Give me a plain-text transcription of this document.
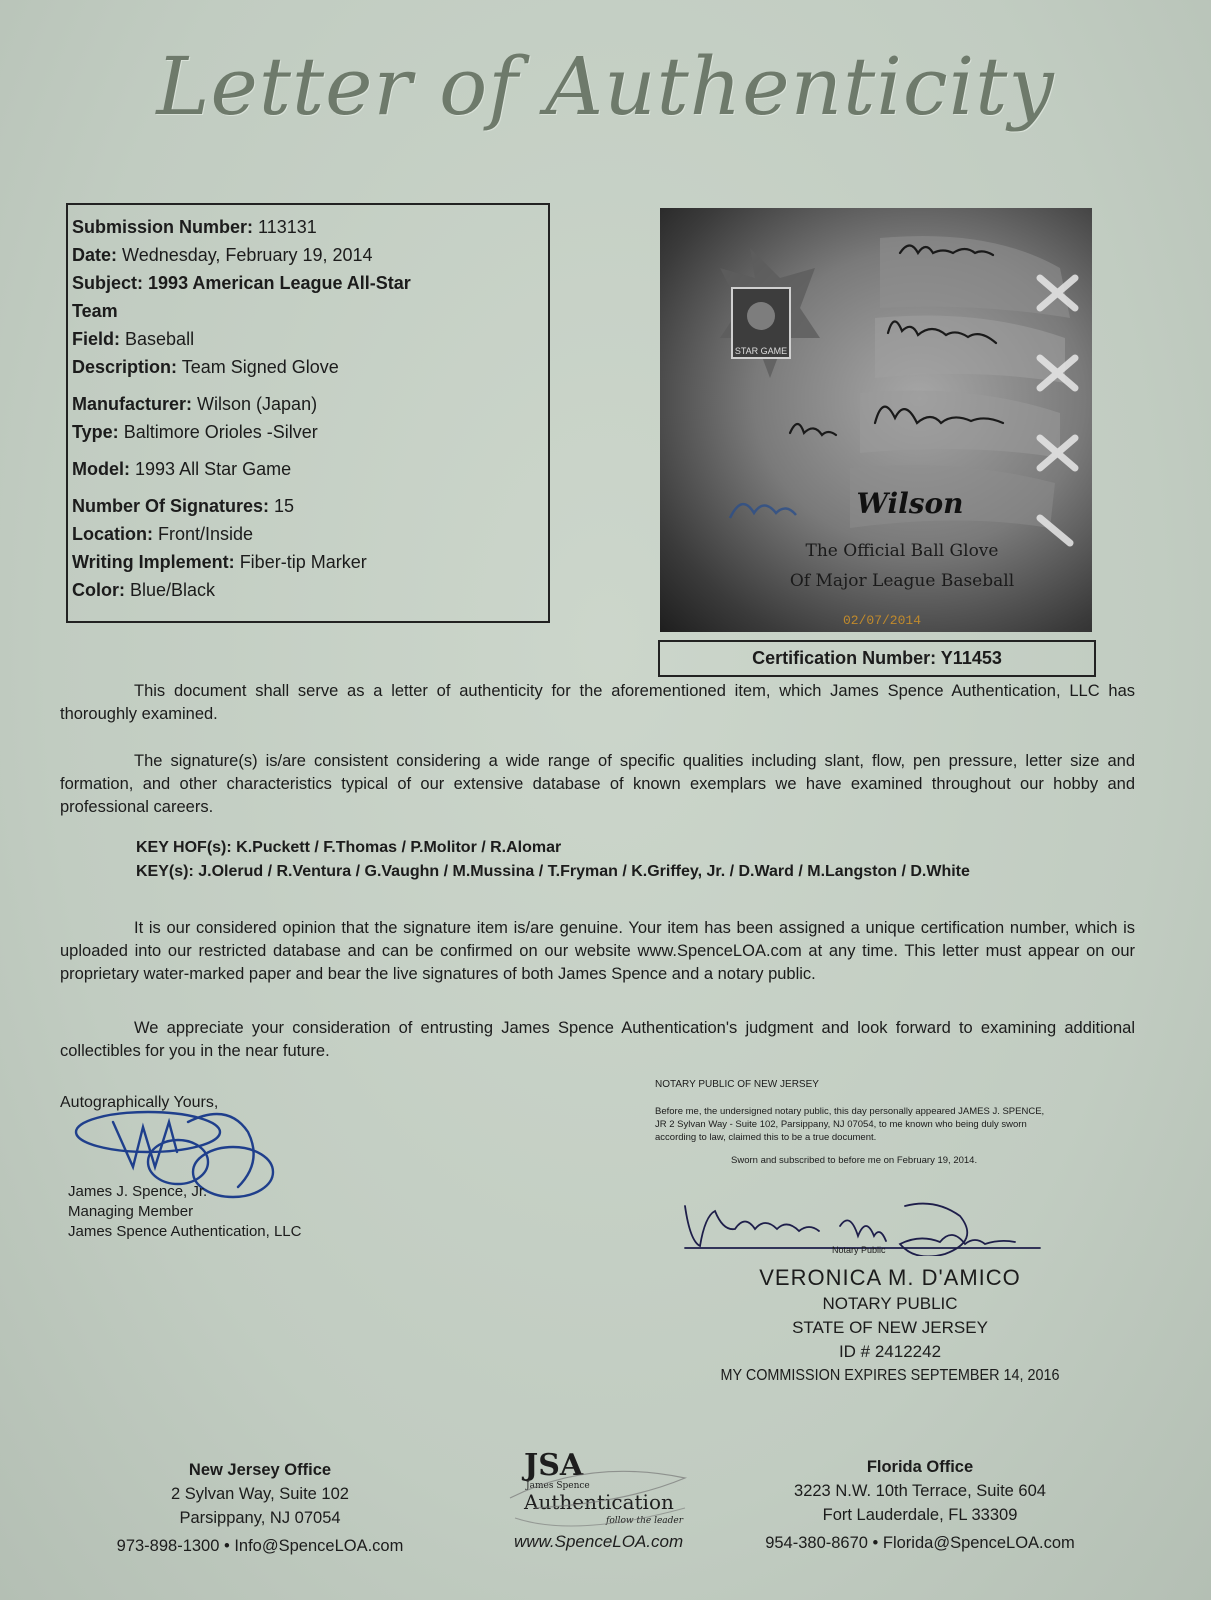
Letter of Authenticity
Submission Number: 113131
Date: Wednesday, February 19, 2014
Subject: 1993 American League All-Star Team
Field: Baseball
Description: Team Signed Glove
Manufacturer: Wilson (Japan)
Type: Baltimore Orioles -Silver
Model: 1993 All Star Game
Number Of Signatures: 15
Location: Front/Inside
Writing Implement: Fiber-tip Marker
Color: Blue/Black
STAR GAME
Wilson
The Official Ball Glove
Of Major League Baseball
02/07/2014
Certification Number: Y11453
This document shall serve as a letter of authenticity for the aforementioned item, which James Spence Authentication, LLC has thoroughly examined.
The signature(s) is/are consistent considering a wide range of specific qualities including slant, flow, pen pressure, letter size and formation, and other characteristics typical of our extensive database of known exemplars we have examined throughout our hobby and professional careers.
KEY HOF(s): K.Puckett / F.Thomas / P.Molitor / R.Alomar
KEY(s): J.Olerud / R.Ventura / G.Vaughn / M.Mussina / T.Fryman / K.Griffey, Jr. / D.Ward / M.Langston / D.White
It is our considered opinion that the signature item is/are genuine. Your item has been assigned a unique certification number, which is uploaded into our restricted database and can be confirmed on our website www.SpenceLOA.com at any time. This letter must appear on our proprietary water-marked paper and bear the live signatures of both James Spence and a notary public.
We appreciate your consideration of entrusting James Spence Authentication's judgment and look forward to examining additional collectibles for you in the near future.
Autographically Yours,
James J. Spence, Jr.
Managing Member
James Spence Authentication, LLC
NOTARY PUBLIC OF NEW JERSEY
Before me, the undersigned notary public, this day personally appeared JAMES J. SPENCE, JR 2 Sylvan Way - Suite 102, Parsippany, NJ 07054, to me known who being duly sworn according to law, claimed this to be a true document.
Sworn and subscribed to before me on February 19, 2014.
Notary Public
VERONICA M. D'AMICO
NOTARY PUBLIC
STATE OF NEW JERSEY
ID # 2412242
MY COMMISSION EXPIRES SEPTEMBER 14, 2016
New Jersey Office
2 Sylvan Way, Suite 102
Parsippany, NJ 07054
973-898-1300 • Info@SpenceLOA.com
JSA
James Spence
Authentication
follow the leader
www.SpenceLOA.com
Florida Office
3223 N.W. 10th Terrace, Suite 604
Fort Lauderdale, FL 33309
954-380-8670 • Florida@SpenceLOA.com
